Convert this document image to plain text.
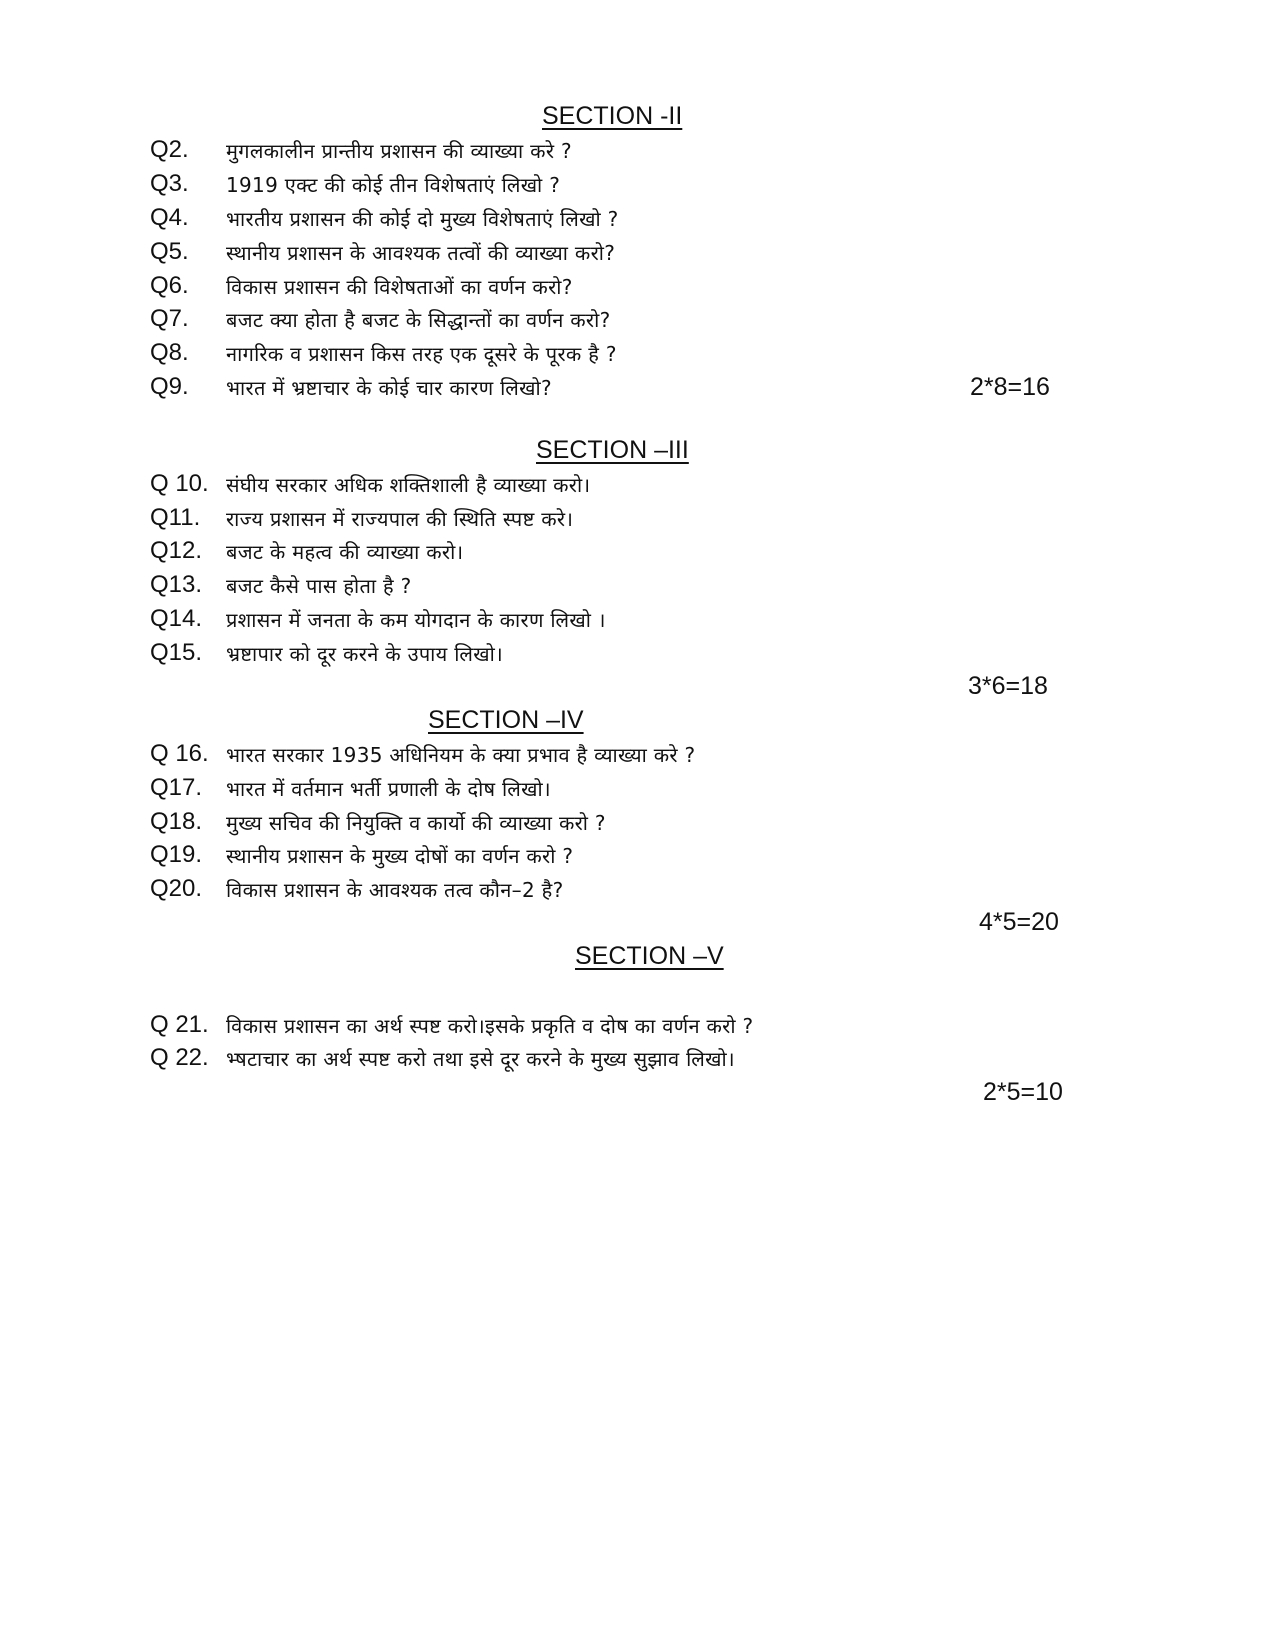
SECTION -II
Q2.	मुगलकालीन प्रान्तीय प्रशासन की व्याख्या करे ?
Q3.	1919 एक्ट की कोई तीन विशेषताएं लिखो ?
Q4.	भारतीय प्रशासन की कोई दो मुख्य विशेषताएं लिखो ?
Q5.	स्थानीय प्रशासन के आवश्यक तत्वों की व्याख्या करो?
Q6.	विकास प्रशासन की विशेषताओं का वर्णन करो?
Q7.	बजट क्या होता है बजट के सिद्धान्तों का वर्णन करो?
Q8.	नागरिक व प्रशासन किस तरह एक दूसरे के पूरक है ?
Q9.	भारत में भ्रष्टाचार के कोई चार कारण लिखो?	2*8=16
SECTION –III
Q 10. संघीय सरकार अधिक शक्तिशाली है व्याख्या करो।
Q11.	राज्य प्रशासन में राज्यपाल की स्थिति स्पष्ट करे।
Q12.	बजट के महत्व की व्याख्या करो।
Q13.	बजट कैसे पास होता है ?
Q14.	प्रशासन में जनता के कम योगदान के कारण लिखो ।
Q15.	भ्रष्टापार को दूर करने के उपाय लिखो।
3*6=18
SECTION –IV
Q 16. भारत सरकार 1935 अधिनियम के क्या प्रभाव है व्याख्या करे ?
Q17.	भारत में वर्तमान भर्ती प्रणाली के दोष लिखो।
Q18.	मुख्य सचिव की नियुक्ति व कार्यो की व्याख्या करो ?
Q19.	स्थानीय प्रशासन के मुख्य दोषों का वर्णन करो ?
Q20.	विकास प्रशासन के आवश्यक तत्व कौन–2 है?
4*5=20
SECTION –V
Q 21. विकास प्रशासन का अर्थ स्पष्ट करो।इसके प्रकृति व दोष का वर्णन करो ?
Q 22. भ्षटाचार का अर्थ स्पष्ट करो तथा इसे दूर करने के मुख्य सुझाव लिखो।
2*5=10
